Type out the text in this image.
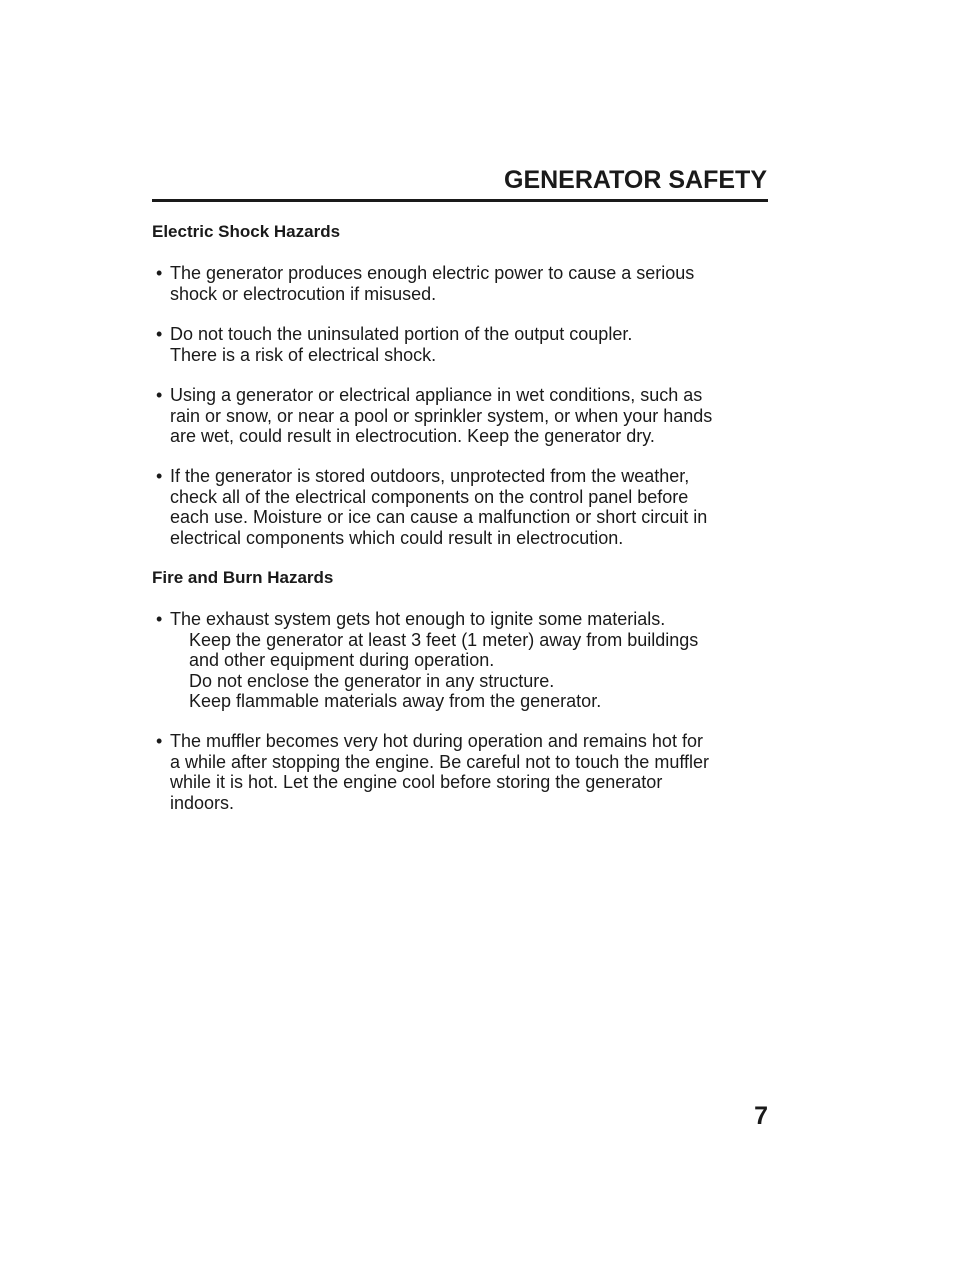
GENERATOR SAFETY
Electric Shock Hazards
• The generator produces enough electric power to cause a serious
shock or electrocution if misused.
• Do not touch the uninsulated portion of the output coupler.
There is a risk of electrical shock.
• Using a generator or electrical appliance in wet conditions, such as
rain or snow, or near a pool or sprinkler system, or when your hands
are wet, could result in electrocution. Keep the generator dry.
• If the generator is stored outdoors, unprotected from the weather,
check all of the electrical components on the control panel before
each use. Moisture or ice can cause a malfunction or short circuit in
electrical components which could result in electrocution.
Fire and Burn Hazards
• The exhaust system gets hot enough to ignite some materials.
Keep the generator at least 3 feet (1 meter) away from buildings
and other equipment during operation.
Do not enclose the generator in any structure.
Keep flammable materials away from the generator.
• The muffler becomes very hot during operation and remains hot for
a while after stopping the engine. Be careful not to touch the muffler
while it is hot. Let the engine cool before storing the generator
indoors.
7
